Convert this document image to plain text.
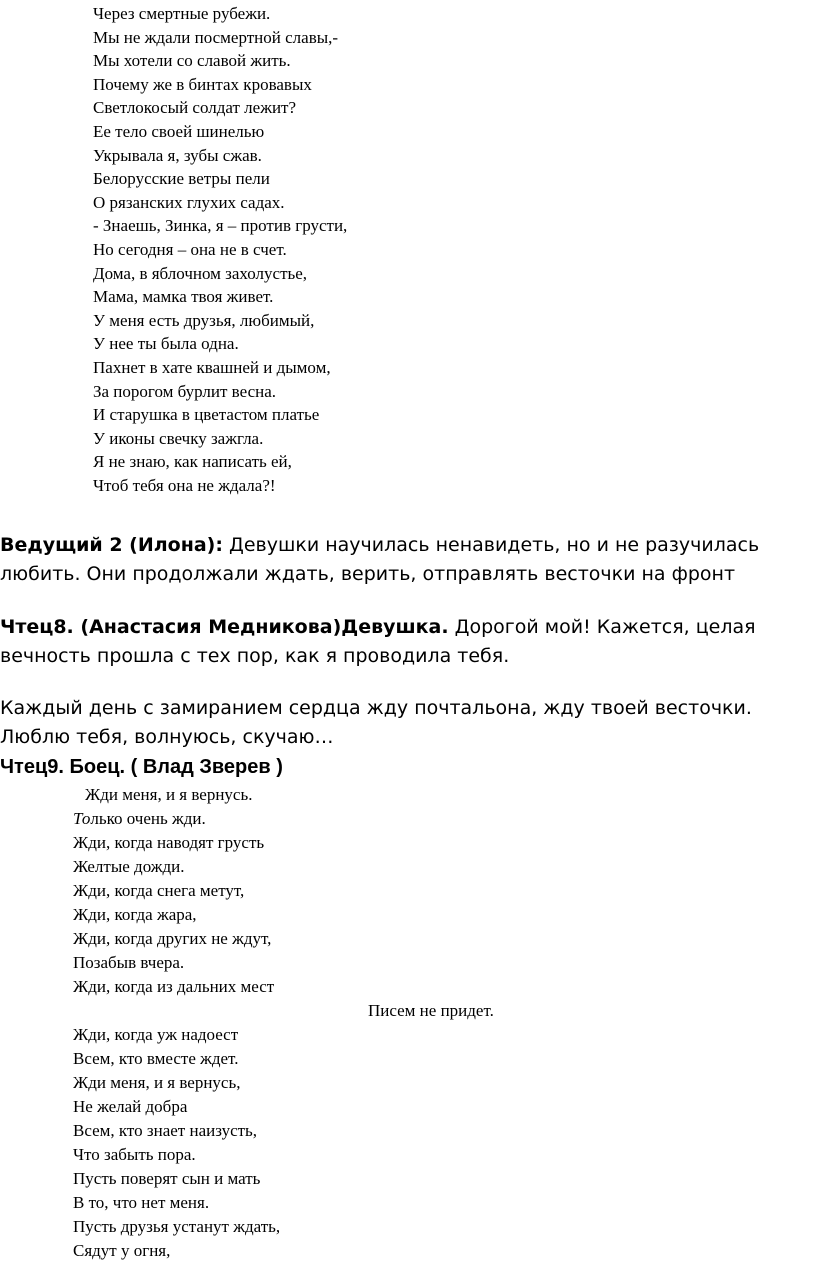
Через смертные рубежи.
Мы не ждали посмертной славы,-
Мы хотели со славой жить.
Почему же в бинтах кровавых
Светлокосый солдат лежит?
Ее тело своей шинелью
Укрывала я, зубы сжав.
Белорусские ветры пели
О рязанских глухих садах.
- Знаешь, Зинка, я – против грусти,
Но сегодня – она не в счет.
Дома, в яблочном захолустье,
Мама, мамка твоя живет.
У меня есть друзья, любимый,
У нее ты была одна.
Пахнет в хате квашней и дымом,
За порогом бурлит весна.
И старушка в цветастом платье
У иконы свечку зажгла.
Я не знаю, как написать ей,
Чтоб тебя она не ждала?!
Ведущий 2 (Илона): Девушки научилась ненавидеть, но и не разучилась
любить. Они продолжали ждать, верить, отправлять весточки на фронт
Чтец8. (Анастасия Медникова)Девушка. Дорогой мой! Кажется, целая
вечность прошла с тех пор, как я проводила тебя.
Каждый день с замиранием сердца жду почтальона, жду твоей весточки.
Люблю тебя, волнуюсь, скучаю…
Чтец9. Боец. ( Влад Зверев )
Жди меня, и я вернусь.
Только очень жди.
Жди, когда наводят грусть
Желтые дожди.
Жди, когда снега метут,
Жди, когда жара,
Жди, когда других не ждут,
Позабыв вчера.
Жди, когда из дальних мест
Писем не придет.
Жди, когда уж надоест
Всем, кто вместе ждет.
Жди меня, и я вернусь,
Не желай добра
Всем, кто знает наизусть,
Что забыть пора.
Пусть поверят сын и мать
В то, что нет меня.
Пусть друзья устанут ждать,
Сядут у огня,
